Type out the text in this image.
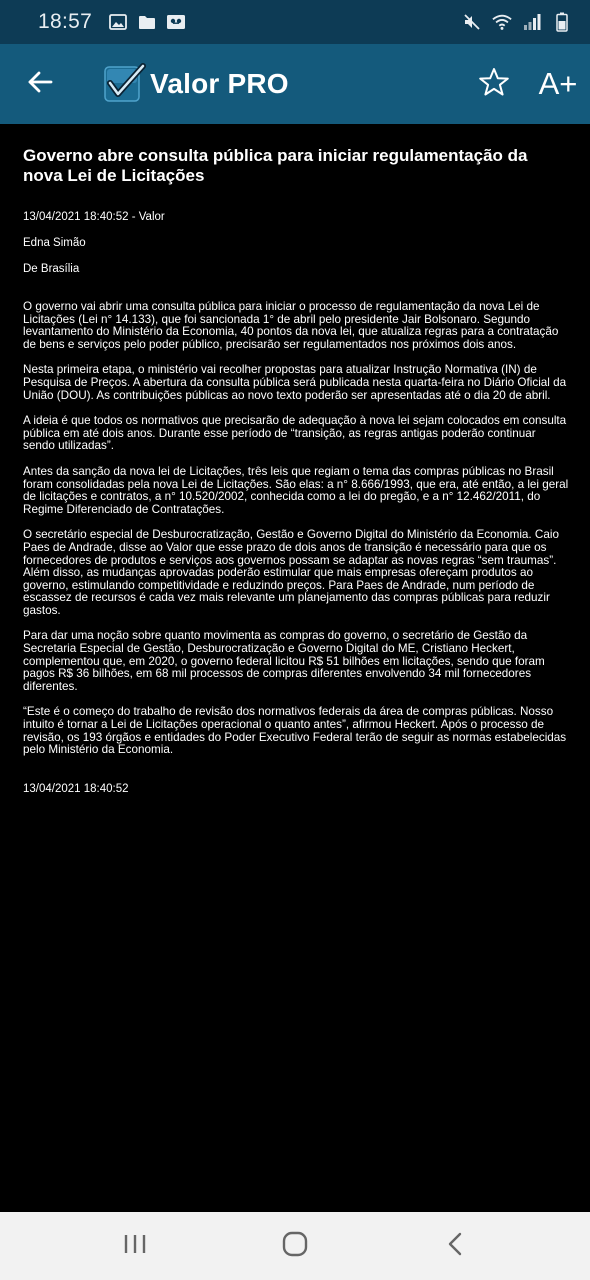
18:57
Valor PRO	A+
Governo abre consulta pública para iniciar regulamentação da nova Lei de Licitações
13/04/2021 18:40:52 - Valor
Edna Simão
De Brasília

O governo vai abrir uma consulta pública para iniciar o processo de regulamentação da nova Lei de Licitações (Lei n° 14.133), que foi sancionada 1° de abril pelo presidente Jair Bolsonaro. Segundo levantamento do Ministério da Economia, 40 pontos da nova lei, que atualiza regras para a contratação de bens e serviços pelo poder público, precisarão ser regulamentados nos próximos dois anos.

Nesta primeira etapa, o ministério vai recolher propostas para atualizar Instrução Normativa (IN) de Pesquisa de Preços. A abertura da consulta pública será publicada nesta quarta-feira no Diário Oficial da União (DOU). As contribuições públicas ao novo texto poderão ser apresentadas até o dia 20 de abril.

A ideia é que todos os normativos que precisarão de adequação à nova lei sejam colocados em consulta pública em até dois anos. Durante esse período de “transição, as regras antigas poderão continuar sendo utilizadas”.

Antes da sanção da nova lei de Licitações, três leis que regiam o tema das compras públicas no Brasil foram consolidadas pela nova Lei de Licitações. São elas: a n° 8.666/1993, que era, até então, a lei geral de licitações e contratos, a n° 10.520/2002, conhecida como a lei do pregão, e a n° 12.462/2011, do Regime Diferenciado de Contratações.

O secretário especial de Desburocratização, Gestão e Governo Digital do Ministério da Economia. Caio Paes de Andrade, disse ao Valor que esse prazo de dois anos de transição é necessário para que os fornecedores de produtos e serviços aos governos possam se adaptar as novas regras “sem traumas”. Além disso, as mudanças aprovadas poderão estimular que mais empresas ofereçam produtos ao governo, estimulando competitividade e reduzindo preços. Para Paes de Andrade, num período de escassez de recursos é cada vez mais relevante um planejamento das compras públicas para reduzir gastos.

Para dar uma noção sobre quanto movimenta as compras do governo, o secretário de Gestão da Secretaria Especial de Gestão, Desburocratização e Governo Digital do ME, Cristiano Heckert, complementou que, em 2020, o governo federal licitou R$ 51 bilhões em licitações, sendo que foram pagos R$ 36 bilhões, em 68 mil processos de compras diferentes envolvendo 34 mil fornecedores diferentes.

“Este é o começo do trabalho de revisão dos normativos federais da área de compras públicas. Nosso intuito é tornar a Lei de Licitações operacional o quanto antes”, afirmou Heckert. Após o processo de revisão, os 193 órgãos e entidades do Poder Executivo Federal terão de seguir as normas estabelecidas pelo Ministério da Economia.

13/04/2021 18:40:52
